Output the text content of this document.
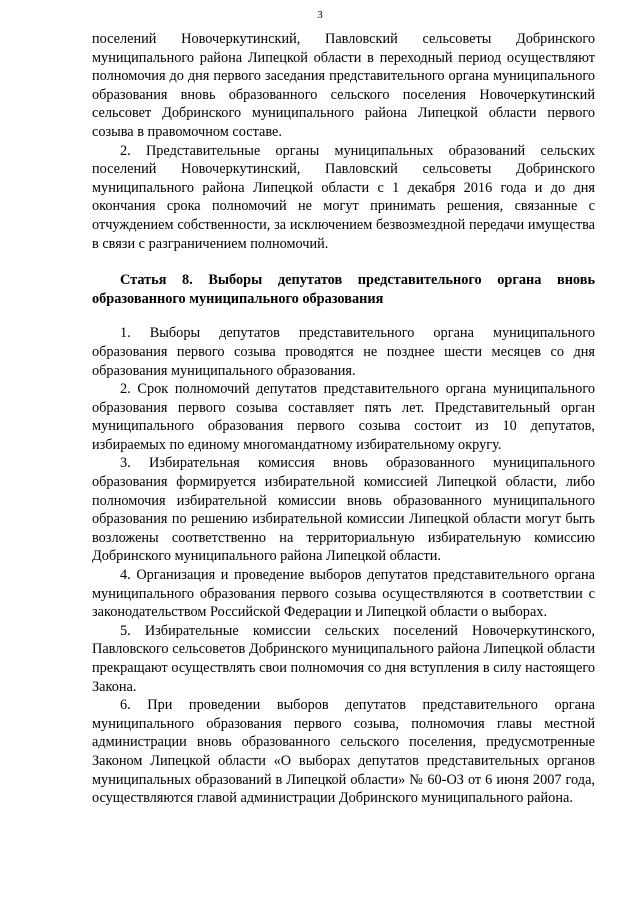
3

поселений Новочеркутинский, Павловский сельсоветы Добринского муниципального района Липецкой области в переходный период осуществляют полномочия до дня первого заседания представительного органа муниципального образования вновь образованного сельского поселения Новочеркутинский сельсовет Добринского муниципального района Липецкой области первого созыва в правомочном составе.

2. Представительные органы муниципальных образований сельских поселений Новочеркутинский, Павловский сельсоветы Добринского муниципального района Липецкой области с 1 декабря 2016 года и до дня окончания срока полномочий не могут принимать решения, связанные с отчуждением собственности, за исключением безвозмездной передачи имущества в связи с разграничением полномочий.

Статья 8. Выборы депутатов представительного органа вновь образованного муниципального образования

1. Выборы депутатов представительного органа муниципального образования первого созыва проводятся не позднее шести месяцев со дня образования муниципального образования.

2. Срок полномочий депутатов представительного органа муниципального образования первого созыва составляет пять лет. Представительный орган муниципального образования первого созыва состоит из 10 депутатов, избираемых по единому многомандатному избирательному округу.

3. Избирательная комиссия вновь образованного муниципального образования формируется избирательной комиссией Липецкой области, либо полномочия избирательной комиссии вновь образованного муниципального образования по решению избирательной комиссии Липецкой области могут быть возложены соответственно на территориальную избирательную комиссию Добринского муниципального района Липецкой области.

4. Организация и проведение выборов депутатов представительного органа муниципального образования первого созыва осуществляются в соответствии с законодательством Российской Федерации и Липецкой области о выборах.

5. Избирательные комиссии сельских поселений Новочеркутинского, Павловского сельсоветов Добринского муниципального района Липецкой области прекращают осуществлять свои полномочия со дня вступления в силу настоящего Закона.

6. При проведении выборов депутатов представительного органа муниципального образования первого созыва, полномочия главы местной администрации вновь образованного сельского поселения, предусмотренные Законом Липецкой области «О выборах депутатов представительных органов муниципальных образований в Липецкой области» № 60-ОЗ от 6 июня 2007 года, осуществляются главой администрации Добринского муниципального района.
